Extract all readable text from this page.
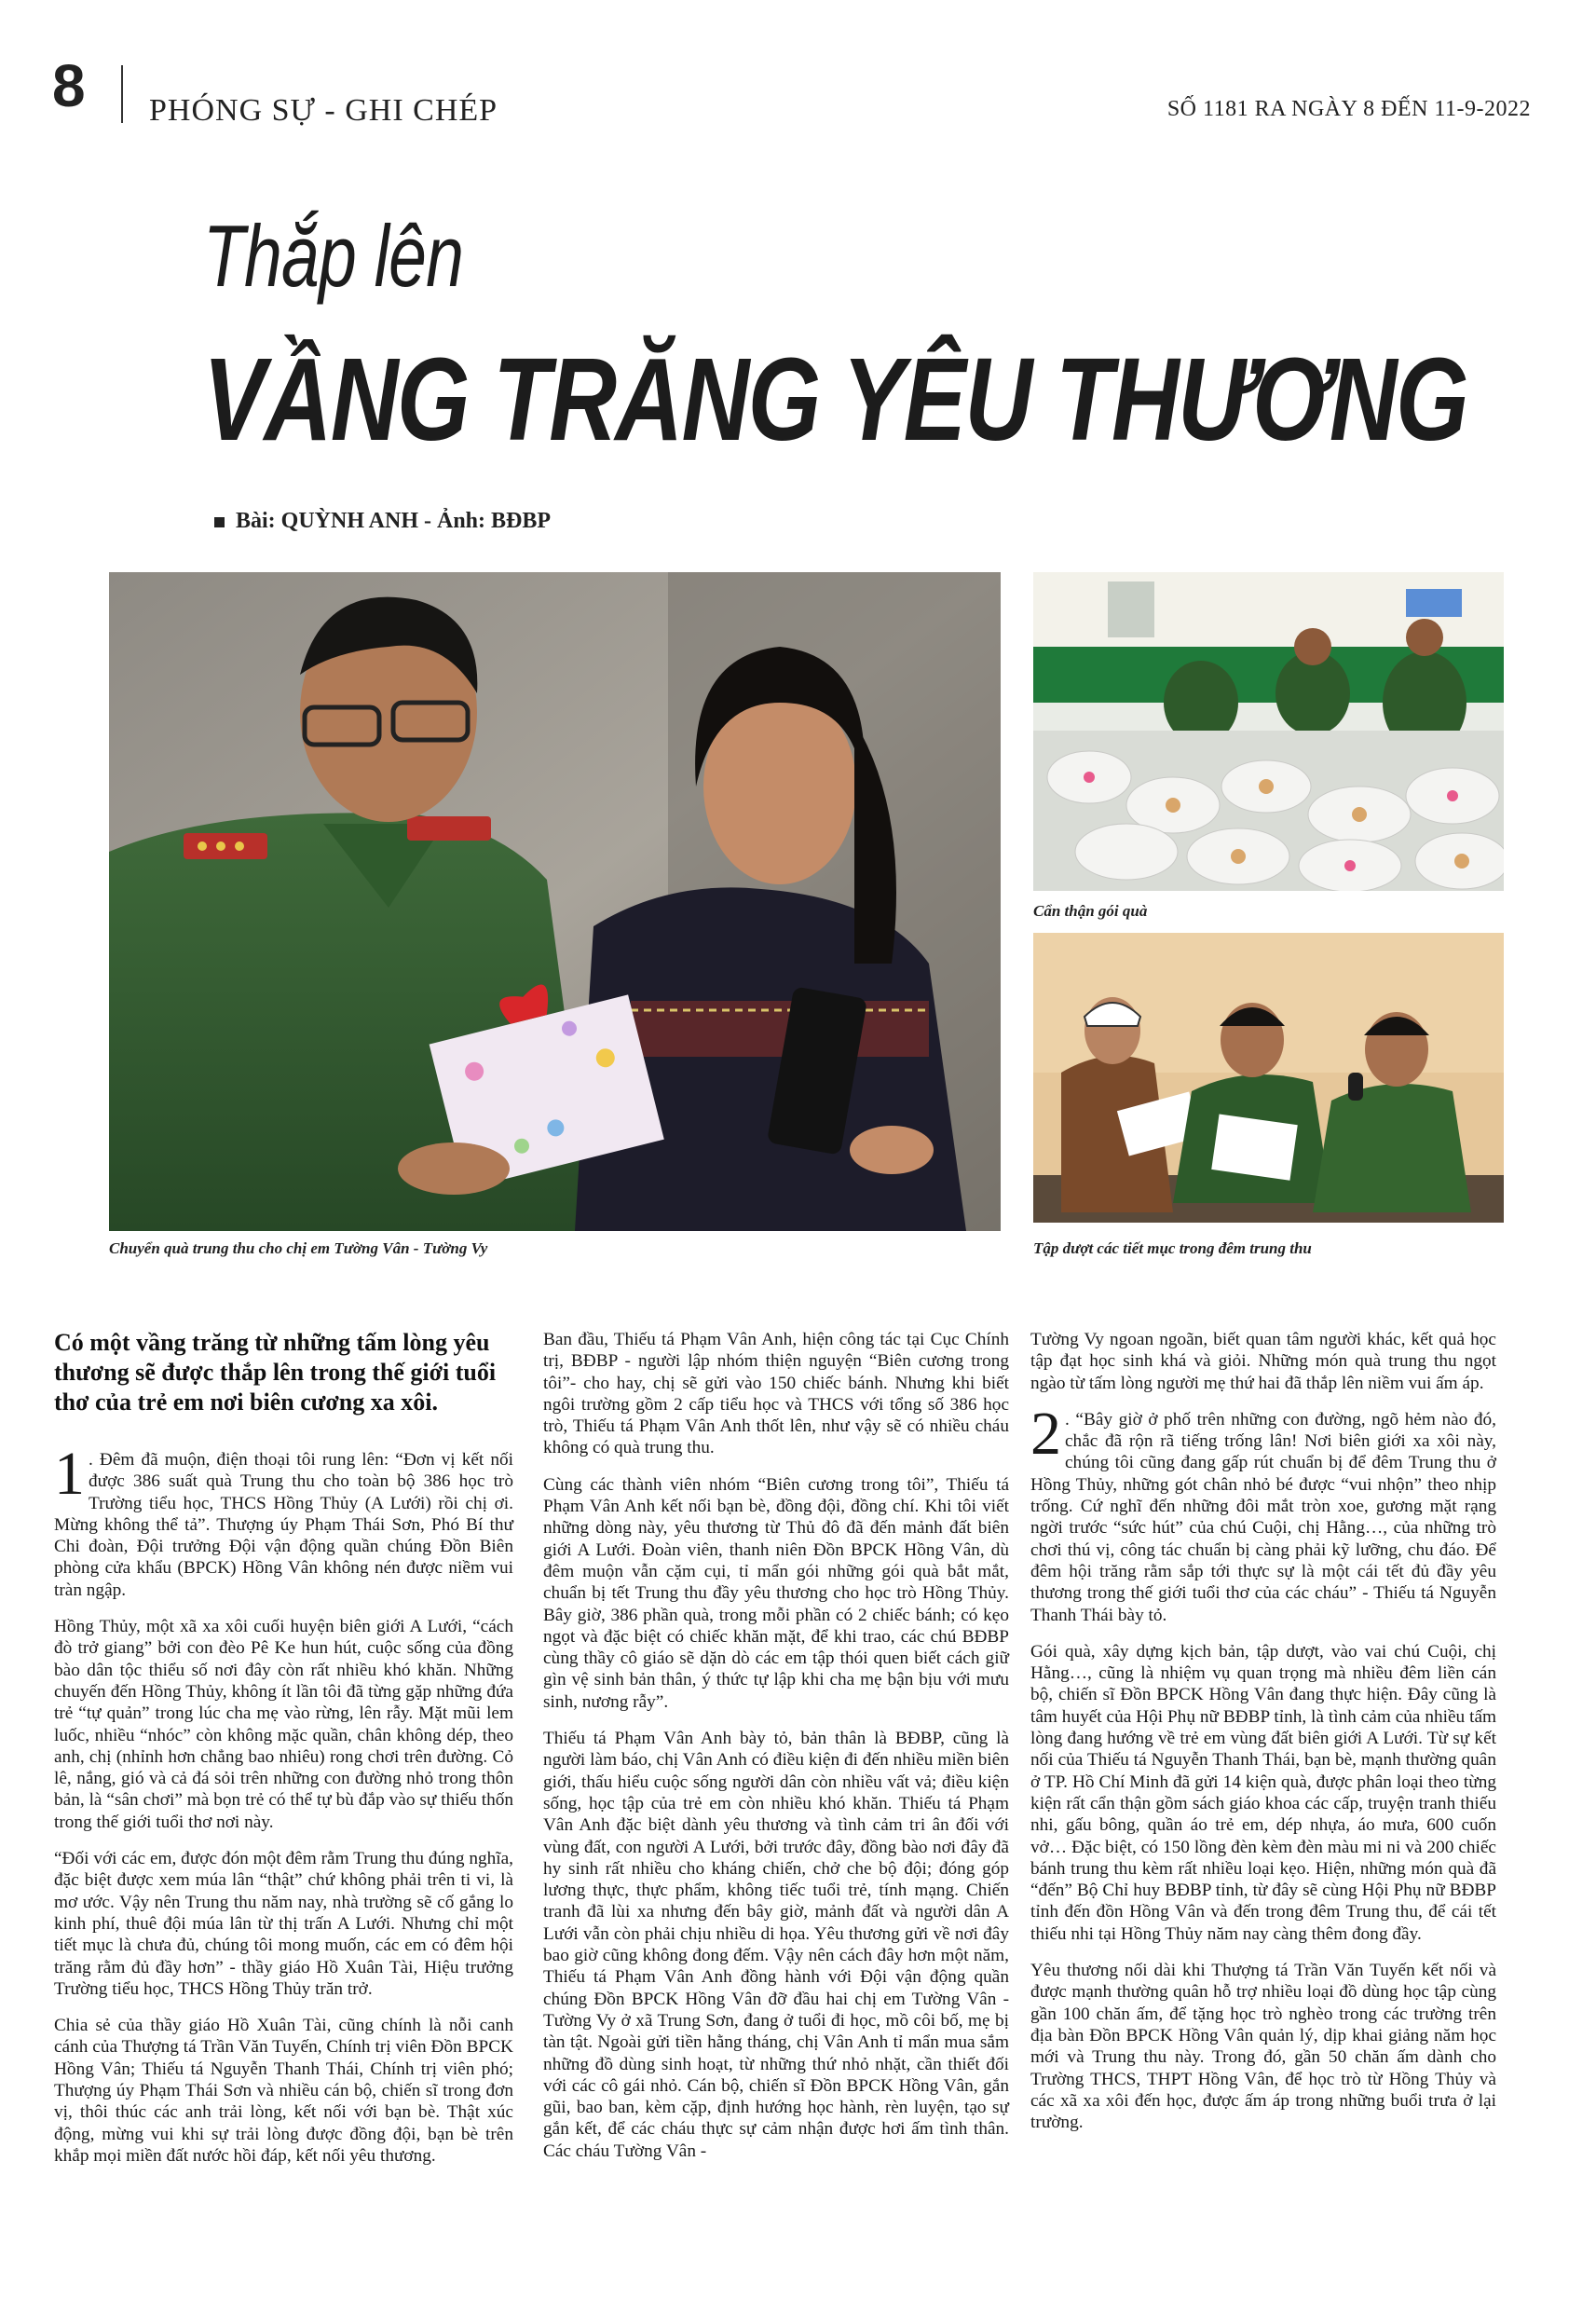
8 PHÓNG SỰ - GHI CHÉP	SỐ 1181 RA NGÀY 8 ĐẾN 11-9-2022
Thắp lên
VẦNG TRĂNG YÊU THƯƠNG
Bài: QUỲNH ANH - Ảnh: BĐBP
Chuyển quà trung thu cho chị em Tường Vân - Tường Vy
Cẩn thận gói quà
Tập dượt các tiết mục trong đêm trung thu

Có một vầng trăng từ những tấm lòng yêu thương sẽ được thắp lên trong thế giới tuổi thơ của trẻ em nơi biên cương xa xôi.

1 . Đêm đã muộn, điện thoại tôi rung lên: “Đơn vị kết nối được 386 suất quà Trung thu cho toàn bộ 386 học trò Trường tiểu học, THCS Hồng Thủy (A Lưới) rồi chị ơi. Mừng không thể tả”. Thượng úy Phạm Thái Sơn, Phó Bí thư Chi đoàn, Đội trưởng Đội vận động quần chúng Đồn Biên phòng cửa khẩu (BPCK) Hồng Vân không nén được niềm vui tràn ngập.

Hồng Thủy, một xã xa xôi cuối huyện biên giới A Lưới, “cách đò trở giang” bởi con đèo Pê Ke hun hút, cuộc sống của đồng bào dân tộc thiểu số nơi đây còn rất nhiều khó khăn. Những chuyến đến Hồng Thủy, không ít lần tôi đã từng gặp những đứa trẻ “tự quản” trong lúc cha mẹ vào rừng, lên rẫy. Mặt mũi lem luốc, nhiều “nhóc” còn không mặc quần, chân không dép, theo anh, chị (nhỉnh hơn chẳng bao nhiêu) rong chơi trên đường. Cỏ lê, nắng, gió và cả đá sỏi trên những con đường nhỏ trong thôn bản, là “sân chơi” mà bọn trẻ có thể tự bù đắp vào sự thiếu thốn trong thế giới tuổi thơ nơi này.

“Đối với các em, được đón một đêm rằm Trung thu đúng nghĩa, đặc biệt được xem múa lân “thật” chứ không phải trên ti vi, là mơ ước. Vậy nên Trung thu năm nay, nhà trường sẽ cố gắng lo kinh phí, thuê đội múa lân từ thị trấn A Lưới. Nhưng chỉ một tiết mục là chưa đủ, chúng tôi mong muốn, các em có đêm hội trăng rằm đủ đầy hơn” - thầy giáo Hồ Xuân Tài, Hiệu trưởng Trường tiểu học, THCS Hồng Thủy trăn trở.

Chia sẻ của thầy giáo Hồ Xuân Tài, cũng chính là nỗi canh cánh của Thượng tá Trần Văn Tuyến, Chính trị viên Đồn BPCK Hồng Vân; Thiếu tá Nguyễn Thanh Thái, Chính trị viên phó; Thượng úy Phạm Thái Sơn và nhiều cán bộ, chiến sĩ trong đơn vị, thôi thúc các anh trải lòng, kết nối với bạn bè. Thật xúc động, mừng vui khi sự trải lòng được đồng đội, bạn bè trên khắp mọi miền đất nước hồi đáp, kết nối yêu thương.

Ban đầu, Thiếu tá Phạm Vân Anh, hiện công tác tại Cục Chính trị, BĐBP - người lập nhóm thiện nguyện “Biên cương trong tôi”- cho hay, chị sẽ gửi vào 150 chiếc bánh. Nhưng khi biết ngôi trường gồm 2 cấp tiểu học và THCS với tổng số 386 học trò, Thiếu tá Phạm Vân Anh thốt lên, như vậy sẽ có nhiều cháu không có quà trung thu.

Cùng các thành viên nhóm “Biên cương trong tôi”, Thiếu tá Phạm Vân Anh kết nối bạn bè, đồng đội, đồng chí. Khi tôi viết những dòng này, yêu thương từ Thủ đô đã đến mảnh đất biên giới A Lưới. Đoàn viên, thanh niên Đồn BPCK Hồng Vân, dù đêm muộn vẫn cặm cụi, tỉ mẩn gói những gói quà bắt mắt, chuẩn bị tết Trung thu đầy yêu thương cho học trò Hồng Thủy. Bây giờ, 386 phần quà, trong mỗi phần có 2 chiếc bánh; có kẹo ngọt và đặc biệt có chiếc khăn mặt, để khi trao, các chú BĐBP cùng thầy cô giáo sẽ dặn dò các em tập thói quen biết cách giữ gìn vệ sinh bản thân, ý thức tự lập khi cha mẹ bận bịu với mưu sinh, nương rẫy”.

Thiếu tá Phạm Vân Anh bày tỏ, bản thân là BĐBP, cũng là người làm báo, chị Vân Anh có điều kiện đi đến nhiều miền biên giới, thấu hiểu cuộc sống người dân còn nhiều vất vả; điều kiện sống, học tập của trẻ em còn nhiều khó khăn. Thiếu tá Phạm Vân Anh đặc biệt dành yêu thương và tình cảm tri ân đối với vùng đất, con người A Lưới, bởi trước đây, đồng bào nơi đây đã hy sinh rất nhiều cho kháng chiến, chở che bộ đội; đóng góp lương thực, thực phẩm, không tiếc tuổi trẻ, tính mạng. Chiến tranh đã lùi xa nhưng đến bây giờ, mảnh đất và người dân A Lưới vẫn còn phải chịu nhiều di họa. Yêu thương gửi về nơi đây bao giờ cũng không đong đếm. Vậy nên cách đây hơn một năm, Thiếu tá Phạm Vân Anh đồng hành với Đội vận động quần chúng Đồn BPCK Hồng Vân đỡ đầu hai chị em Tường Vân - Tường Vy ở xã Trung Sơn, đang ở tuổi đi học, mồ côi bố, mẹ bị tàn tật. Ngoài gửi tiền hằng tháng, chị Vân Anh tỉ mẩn mua sắm những đồ dùng sinh hoạt, từ những thứ nhỏ nhặt, cần thiết đối với các cô gái nhỏ. Cán bộ, chiến sĩ Đồn BPCK Hồng Vân, gắn gũi, bao ban, kèm cặp, định hướng học hành, rèn luyện, tạo sự gắn kết, để các cháu thực sự cảm nhận được hơi ấm tình thân. Các cháu Tường Vân -

Tường Vy ngoan ngoãn, biết quan tâm người khác, kết quả học tập đạt học sinh khá và giỏi. Những món quà trung thu ngọt ngào từ tấm lòng người mẹ thứ hai đã thắp lên niềm vui ấm áp.

2 . “Bây giờ ở phố trên những con đường, ngõ hẻm nào đó, chắc đã rộn rã tiếng trống lân! Nơi biên giới xa xôi này, chúng tôi cũng đang gấp rút chuẩn bị để đêm Trung thu ở Hồng Thủy, những gót chân nhỏ bé được “vui nhộn” theo nhịp trống. Cứ nghĩ đến những đôi mắt tròn xoe, gương mặt rạng ngời trước “sức hút” của chú Cuội, chị Hằng…, của những trò chơi thú vị, công tác chuẩn bị càng phải kỹ lưỡng, chu đáo. Để đêm hội trăng rằm sắp tới thực sự là một cái tết đủ đầy yêu thương trong thế giới tuổi thơ của các cháu” - Thiếu tá Nguyễn Thanh Thái bày tỏ.

Gói quà, xây dựng kịch bản, tập dượt, vào vai chú Cuội, chị Hằng…, cũng là nhiệm vụ quan trọng mà nhiều đêm liền cán bộ, chiến sĩ Đồn BPCK Hồng Vân đang thực hiện. Đây cũng là tâm huyết của Hội Phụ nữ BĐBP tỉnh, là tình cảm của nhiều tấm lòng đang hướng về trẻ em vùng đất biên giới A Lưới. Từ sự kết nối của Thiếu tá Nguyễn Thanh Thái, bạn bè, mạnh thường quân ở TP. Hồ Chí Minh đã gửi 14 kiện quà, được phân loại theo từng kiện rất cẩn thận gồm sách giáo khoa các cấp, truyện tranh thiếu nhi, gấu bông, quần áo trẻ em, dép nhựa, áo mưa, 600 cuốn vở… Đặc biệt, có 150 lồng đèn kèm đèn màu mi ni và 200 chiếc bánh trung thu kèm rất nhiều loại kẹo. Hiện, những món quà đã “đến” Bộ Chỉ huy BĐBP tỉnh, từ đây sẽ cùng Hội Phụ nữ BĐBP tỉnh đến đồn Hồng Vân và đến trong đêm Trung thu, để cái tết thiếu nhi tại Hồng Thủy năm nay càng thêm đong đầy.

Yêu thương nối dài khi Thượng tá Trần Văn Tuyến kết nối và được mạnh thường quân hỗ trợ nhiều loại đồ dùng học tập cùng gần 100 chăn ấm, để tặng học trò nghèo trong các trường trên địa bàn Đồn BPCK Hồng Vân quản lý, dịp khai giảng năm học mới và Trung thu này. Trong đó, gần 50 chăn ấm dành cho Trường THCS, THPT Hồng Vân, để học trò từ Hồng Thủy và các xã xa xôi đến học, được ấm áp trong những buổi trưa ở lại trường.
